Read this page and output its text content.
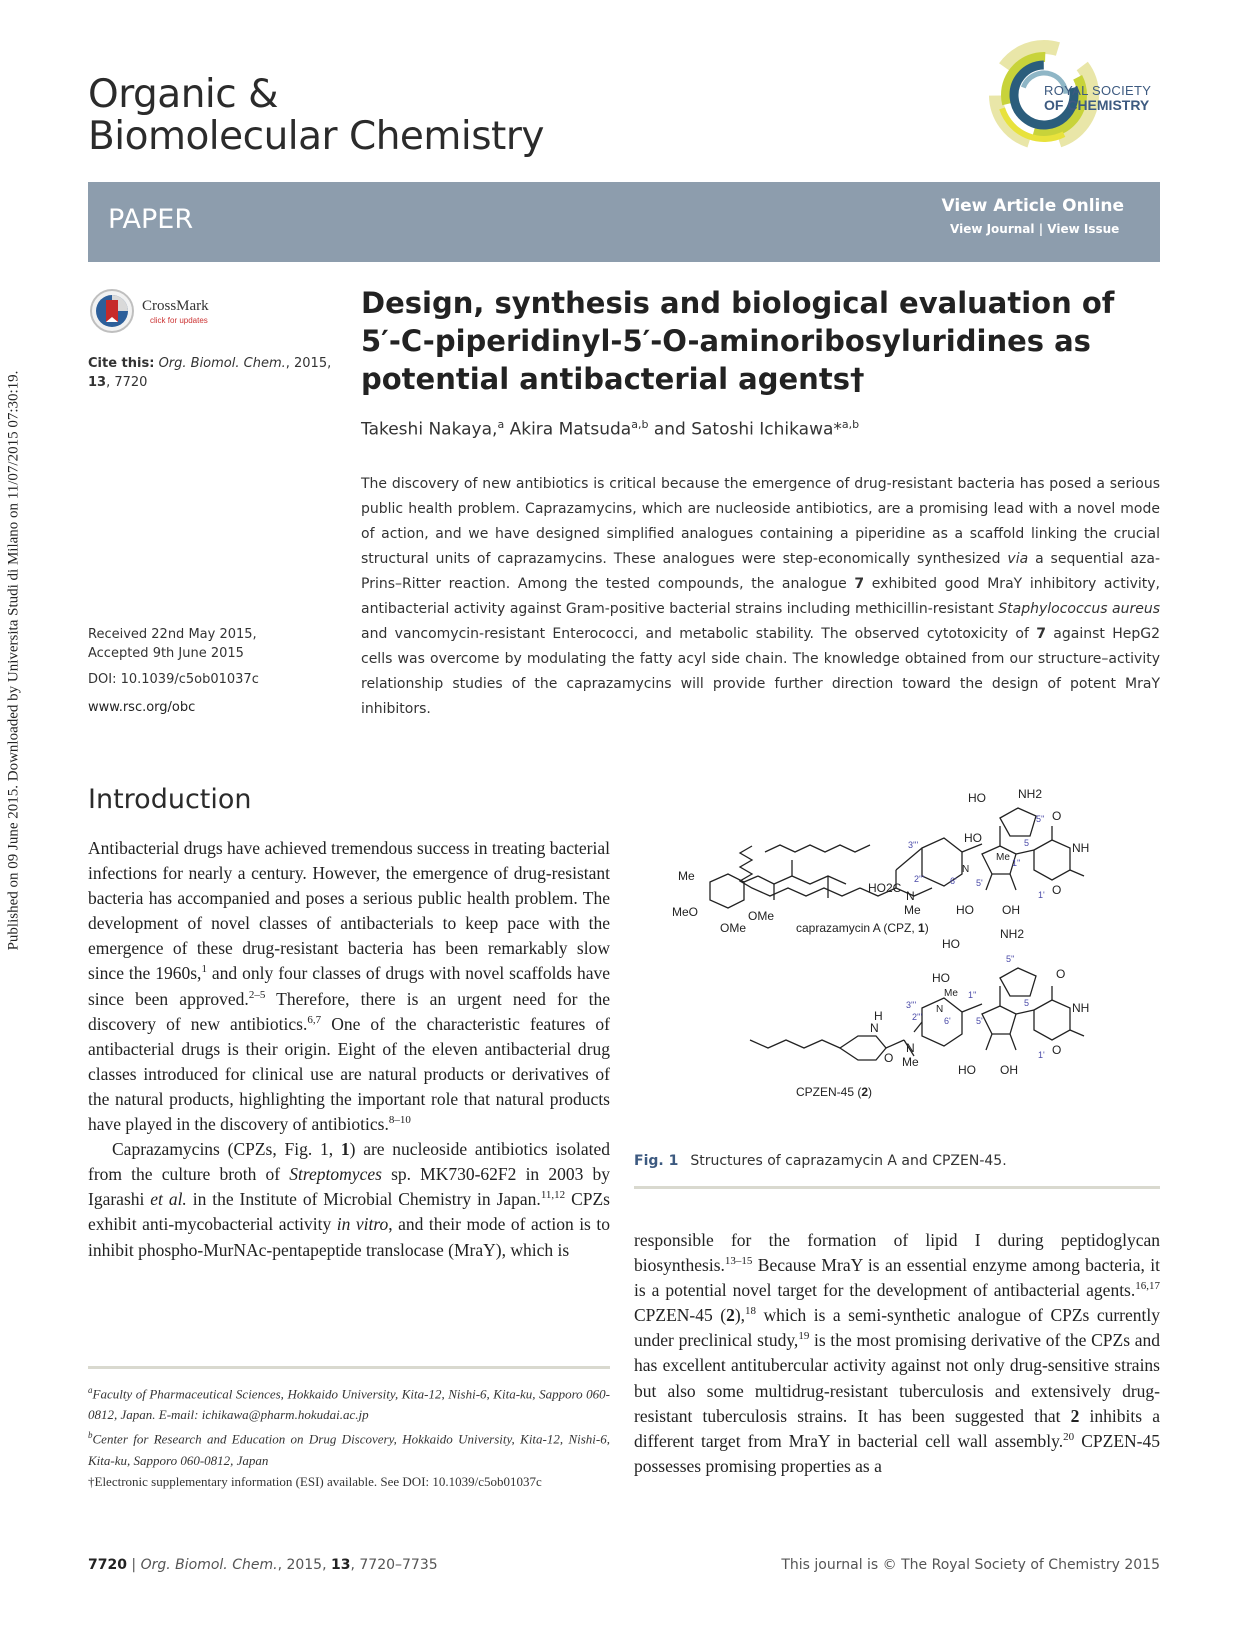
Published on 09 June 2015. Downloaded by Universita Studi di Milano on 11/07/2015 07:30:19.
Organic &
Biomolecular Chemistry
ROYAL SOCIETY
OF CHEMISTRY
PAPER	View Article Online
View Journal | View Issue
CrossMark
click for updates
Cite this: Org. Biomol. Chem., 2015,
13, 7720
Received 22nd May 2015,
Accepted 9th June 2015
DOI: 10.1039/c5ob01037c
www.rsc.org/obc
Design, synthesis and biological evaluation of
5′-C-piperidinyl-5′-O-aminoribosyluridines as
potential antibacterial agents†
Takeshi Nakaya,$^a$ Akira Matsuda$^{a,b}$ and Satoshi Ichikawa*$^{a,b}$
The discovery of new antibiotics is critical because the emergence of drug-resistant bacteria has posed a serious public health problem. Caprazamycins, which are nucleoside antibiotics, are a promising lead with a novel mode of action, and we have designed simplified analogues containing a piperidine as a scaffold linking the crucial structural units of caprazamycins. These analogues were step-economically synthesized via a sequential aza-Prins–Ritter reaction. Among the tested compounds, the analogue 7 exhibited good MraY inhibitory activity, antibacterial activity against Gram-positive bacterial strains including methicillin-resistant Staphylococcus aureus and vancomycin-resistant Enterococci, and metabolic stability. The observed cytotoxicity of 7 against HepG2 cells was overcome by modulating the fatty acyl side chain. The knowledge obtained from our structure–activity relationship studies of the caprazamycins will provide further direction toward the design of potent MraY inhibitors.
Introduction

Antibacterial drugs have achieved tremendous success in treating bacterial infections for nearly a century. However, the emergence of drug-resistant bacteria has accompanied and poses a serious public health problem. The development of novel classes of antibacterials to keep pace with the emergence of these drug-resistant bacteria has been remarkably slow since the 1960s,$^1$ and only four classes of drugs with novel scaffolds have since been approved.$^{2-5}$ Therefore, there is an urgent need for the discovery of new antibiotics.$^{6,7}$ One of the characteristic features of antibacterial drugs is their origin. Eight of the eleven antibacterial drug classes introduced for clinical use are natural products or derivatives of the natural products, highlighting the important role that natural products have played in the discovery of antibiotics.$^{8-10}$

Caprazamycins (CPZs, Fig. 1, 1) are nucleoside antibiotics isolated from the culture broth of Streptomyces sp. MK730-62F2 in 2003 by Igarashi et al. in the Institute of Microbial Chemistry in Japan.$^{11,12}$ CPZs exhibit anti-mycobacterial activity in vitro, and their mode of action is to inhibit phospho-MurNAc-pentapeptide translocase (MraY), which is

$^a$Faculty of Pharmaceutical Sciences, Hokkaido University, Kita-12, Nishi-6, Kita-ku, Sapporo 060-0812, Japan. E-mail: ichikawa@pharm.hokudai.ac.jp
$^b$Center for Research and Education on Drug Discovery, Hokkaido University, Kita-12, Nishi-6, Kita-ku, Sapporo 060-0812, Japan
†Electronic supplementary information (ESI) available. See DOI: 10.1039/c5ob01037c
HO	NH2
5''
HO
Me 1''
O
NH
O
5
N
6' 5'
1'
HO OH
3'''
2'''
HO2C
N
Me
Me
MeO	OMe
OMe	caprazamycin A (CPZ, 1)
HO
NH2
5''
HO
Me 1''
O
NH
O
5
N
6'	5'
1'
HO OH
3'''
2'''
H
N
O
N
Me
CPZEN-45 (2)
Fig. 1 Structures of caprazamycin A and CPZEN-45.

responsible for the formation of lipid I during peptidoglycan biosynthesis.$^{13-15}$ Because MraY is an essential enzyme among bacteria, it is a potential novel target for the development of antibacterial agents.$^{16,17}$ CPZEN-45 (2),$^{18}$ which is a semi-synthetic analogue of CPZs currently under preclinical study,$^{19}$ is the most promising derivative of the CPZs and has excellent antitubercular activity against not only drug-sensitive strains but also some multidrug-resistant tuberculosis and extensively drug-resistant tuberculosis strains. It has been suggested that 2 inhibits a different target from MraY in bacterial cell wall assembly.$^{20}$ CPZEN-45 possesses promising properties as a

7720 | Org. Biomol. Chem., 2015, 13, 7720–7735	This journal is © The Royal Society of Chemistry 2015
